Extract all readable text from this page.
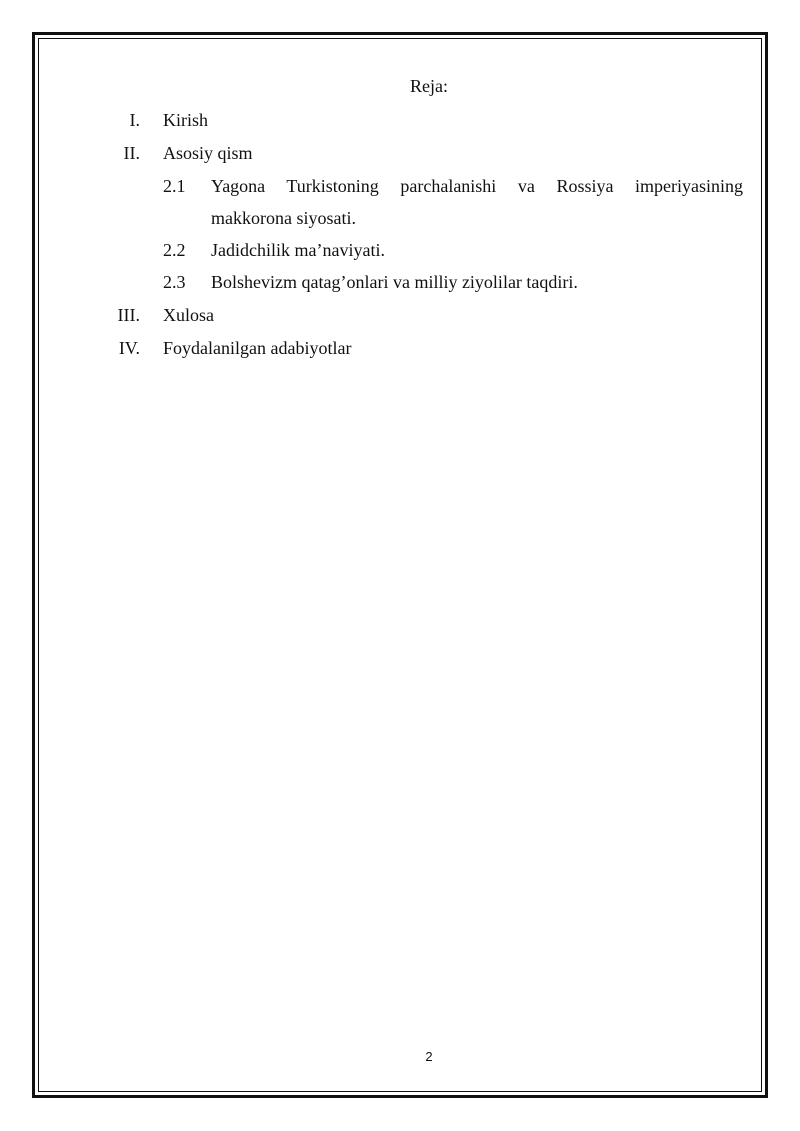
Reja:
I. Kirish
II. Asosiy qism
2.1 Yagona Turkistoning parchalanishi va Rossiya imperiyasining
makkorona siyosati.
2.2 Jadidchilik ma’naviyati.
2.3 Bolshevizm qatag’onlari va milliy ziyolilar taqdiri.
III. Xulosa
IV. Foydalanilgan adabiyotlar
2
